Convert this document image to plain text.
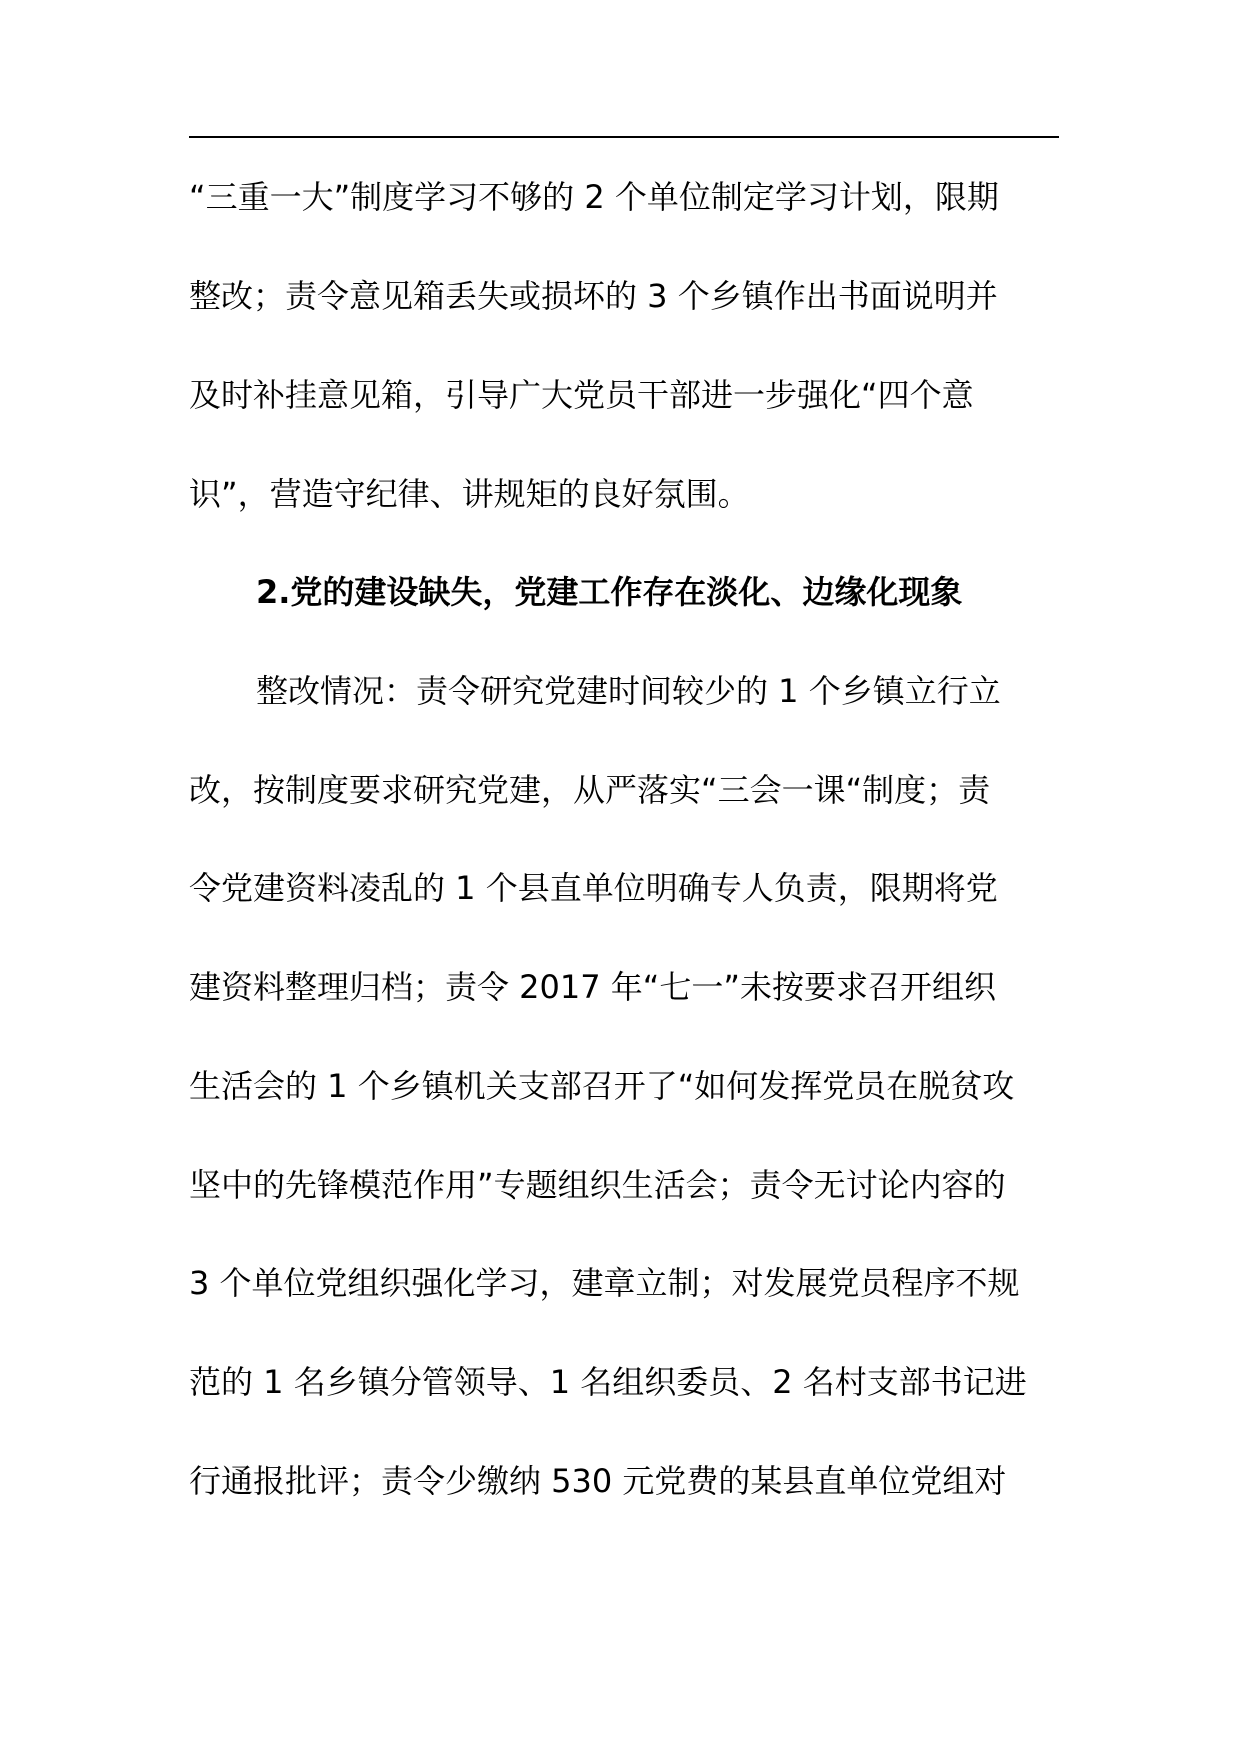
“三重一大”制度学习不够的 2 个单位制定学习计划，限期
整改；责令意见箱丢失或损坏的 3 个乡镇作出书面说明并
及时补挂意见箱，引导广大党员干部进一步强化“四个意
识”，营造守纪律、讲规矩的良好氛围。
2.党的建设缺失，党建工作存在淡化、边缘化现象
整改情况：责令研究党建时间较少的 1 个乡镇立行立
改，按制度要求研究党建，从严落实“三会一课“制度；责
令党建资料凌乱的 1 个县直单位明确专人负责，限期将党
建资料整理归档；责令 2017 年“七一”未按要求召开组织
生活会的 1 个乡镇机关支部召开了“如何发挥党员在脱贫攻
坚中的先锋模范作用”专题组织生活会；责令无讨论内容的
3 个单位党组织强化学习，建章立制；对发展党员程序不规
范的 1 名乡镇分管领导、1 名组织委员、2 名村支部书记进
行通报批评；责令少缴纳 530 元党费的某县直单位党组对
